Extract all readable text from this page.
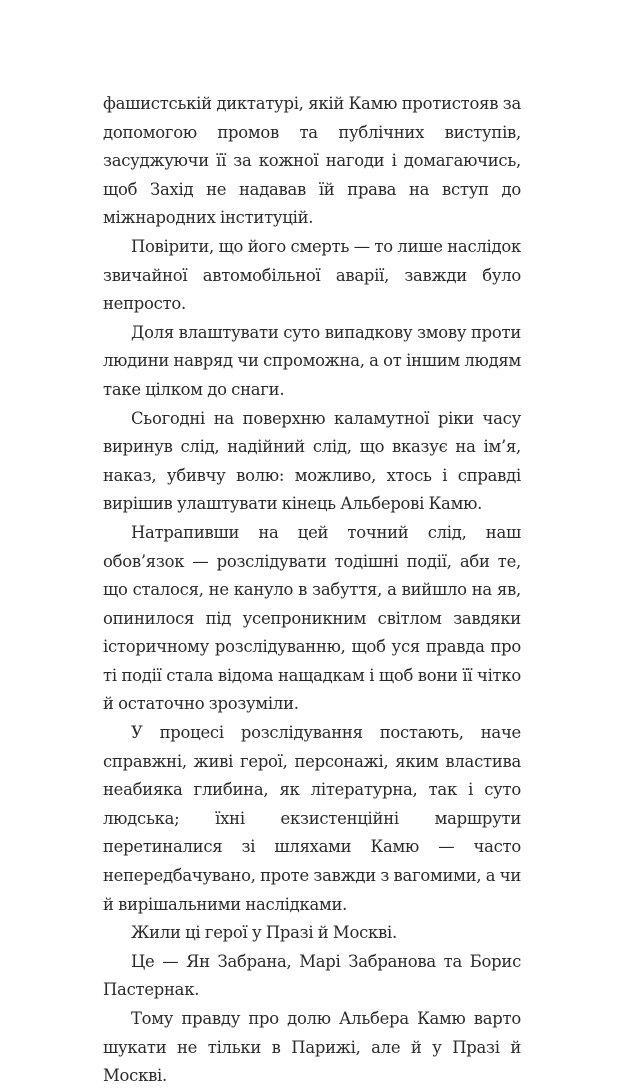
фашистській диктатурі, якій Камю протистояв за допомогою промов та публічних виступів, засуджуючи її за кожної нагоди і домагаючись, щоб Захід не надавав їй права на вступ до міжнародних інституцій.

Повірити, що його смерть — то лише наслідок звичайної автомобільної аварії, завжди було непросто.

Доля влаштувати суто випадкову змову проти людини навряд чи спроможна, а от іншим людям таке цілком до снаги.

Сьогодні на поверхню каламутної ріки часу виринув слід, надійний слід, що вказує на ім’я, наказ, убивчу волю: можливо, хтось і справді вирішив улаштувати кінець Альберові Камю.

Натрапивши на цей точний слід, наш обов’язок — розслідувати тодішні події, аби те, що сталося, не кануло в забуття, а вийшло на яв, опинилося під усепроникним світлом завдяки історичному розслідуванню, щоб уся правда про ті події стала відома нащадкам і щоб вони її чітко й остаточно зрозуміли.

У процесі розслідування постають, наче справжні, живі герої, персонажі, яким властива неабияка глибина, як літературна, так і суто людська; їхні екзистенційні маршрути перетиналися зі шляхами Камю — часто непередбачувано, проте завжди з вагомими, а чи й вирішальними наслідками.

Жили ці герої у Празі й Москві.

Це — Ян Забрана, Марі Забранова та Борис Пастернак.

Тому правду про долю Альбера Камю варто шукати не тільки в Парижі, але й у Празі й Москві.
